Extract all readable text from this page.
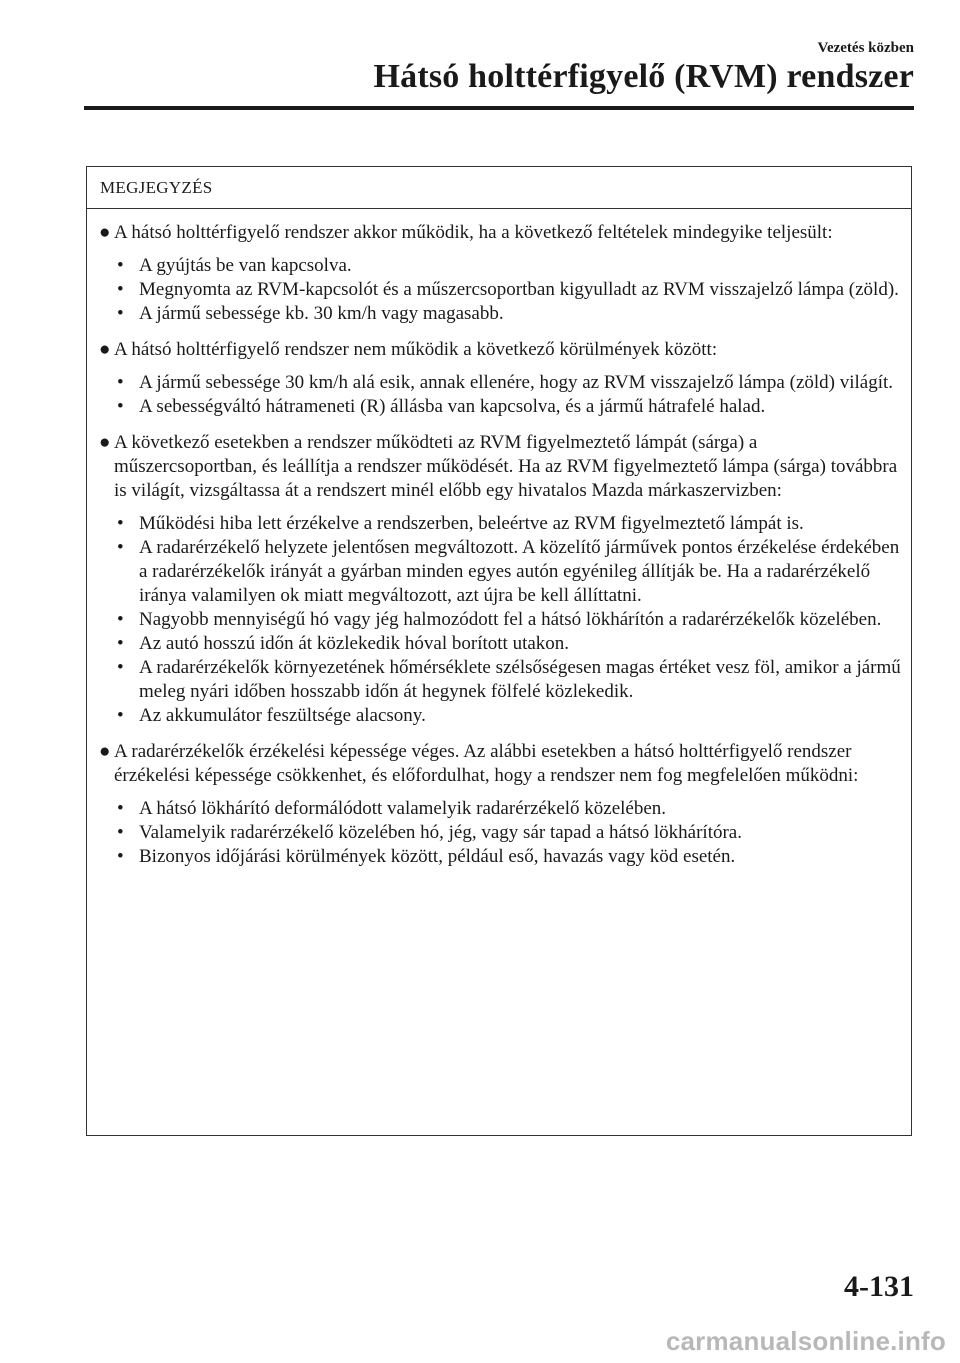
Vezetés közben
Hátsó holttérfigyelő (RVM) rendszer
MEGJEGYZÉS
● A hátsó holttérfigyelő rendszer akkor működik, ha a következő feltételek mindegyike teljesült:
• A gyújtás be van kapcsolva.
• Megnyomta az RVM-kapcsolót és a műszercsoportban kigyulladt az RVM visszajelző lámpa (zöld).
• A jármű sebessége kb. 30 km/h vagy magasabb.
● A hátsó holttérfigyelő rendszer nem működik a következő körülmények között:
• A jármű sebessége 30 km/h alá esik, annak ellenére, hogy az RVM visszajelző lámpa (zöld) világít.
• A sebességváltó hátrameneti (R) állásba van kapcsolva, és a jármű hátrafelé halad.
● A következő esetekben a rendszer működteti az RVM figyelmeztető lámpát (sárga) a műszercsoportban, és leállítja a rendszer működését. Ha az RVM figyelmeztető lámpa (sárga) továbbra is világít, vizsgáltassa át a rendszert minél előbb egy hivatalos Mazda márkaszervizben:
• Működési hiba lett érzékelve a rendszerben, beleértve az RVM figyelmeztető lámpát is.
• A radarérzékelő helyzete jelentősen megváltozott. A közelítő járművek pontos érzékelése érdekében a radarérzékelők irányát a gyárban minden egyes autón egyénileg állítják be. Ha a radarérzékelő iránya valamilyen ok miatt megváltozott, azt újra be kell állíttatni.
• Nagyobb mennyiségű hó vagy jég halmozódott fel a hátsó lökhárítón a radarérzékelők közelében.
• Az autó hosszú időn át közlekedik hóval borított utakon.
• A radarérzékelők környezetének hőmérséklete szélsőségesen magas értéket vesz föl, amikor a jármű meleg nyári időben hosszabb időn át hegynek fölfelé közlekedik.
• Az akkumulátor feszültsége alacsony.
● A radarérzékelők érzékelési képessége véges. Az alábbi esetekben a hátsó holttérfigyelő rendszer érzékelési képessége csökkenhet, és előfordulhat, hogy a rendszer nem fog megfelelően működni:
• A hátsó lökhárító deformálódott valamelyik radarérzékelő közelében.
• Valamelyik radarérzékelő közelében hó, jég, vagy sár tapad a hátsó lökhárítóra.
• Bizonyos időjárási körülmények között, például eső, havazás vagy köd esetén.
4-131
carmanualsonline.info
